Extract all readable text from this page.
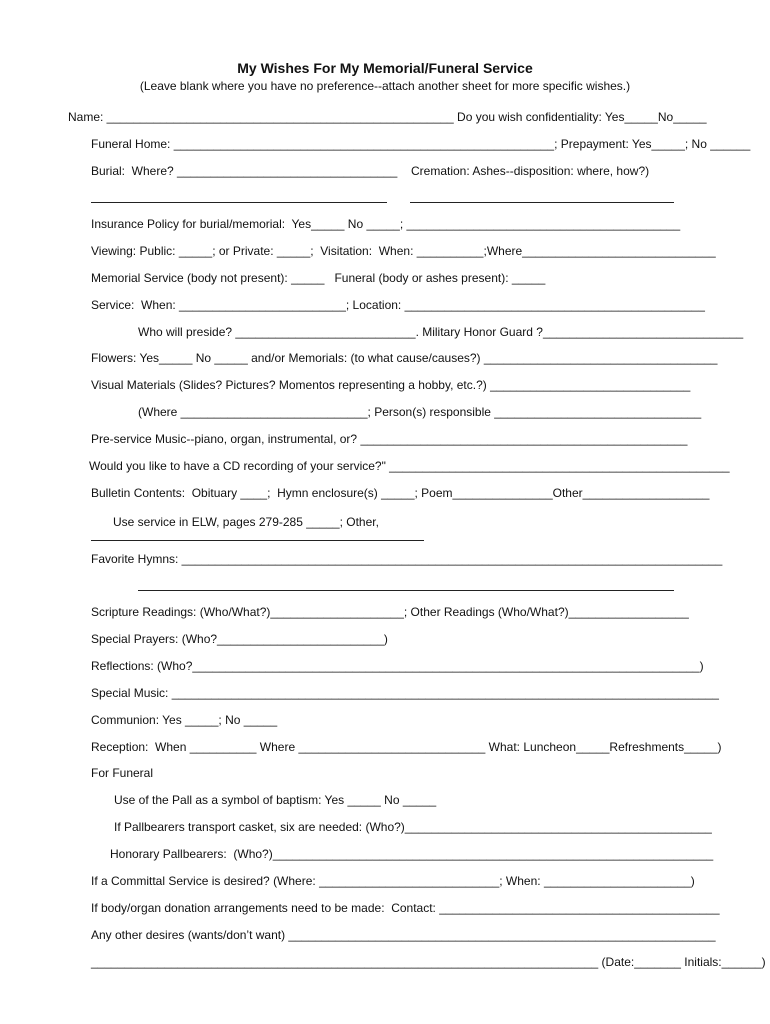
My Wishes For My Memorial/Funeral Service
(Leave blank where you have no preference--attach another sheet for more specific wishes.)
Name: ____________________________________________________ Do you wish confidentiality: Yes_____No_____
Funeral Home: _________________________________________________________; Prepayment: Yes_____; No ______
Burial:  Where? _________________________________ Cremation: Ashes--disposition: where, how?)
Insurance Policy for burial/memorial:  Yes_____ No _____; _________________________________________
Viewing: Public: _____; or Private: _____;  Visitation:  When: __________;Where_____________________________
Memorial Service (body not present): _____   Funeral (body or ashes present): _____
Service:  When: _________________________; Location: _____________________________________________
Who will preside? ___________________________. Military Honor Guard ?______________________________
Flowers: Yes_____ No _____ and/or Memorials: (to what cause/causes?) ___________________________________
Visual Materials (Slides? Pictures? Momentos representing a hobby, etc.?) ______________________________
(Where ____________________________; Person(s) responsible _______________________________
Pre-service Music--piano, organ, instrumental, or? _________________________________________________
Would you like to have a CD recording of your service?" ___________________________________________________
Bulletin Contents:  Obituary ____;  Hymn enclosure(s) _____; Poem_______________Other___________________
Use service in ELW, pages 279-285 _____; Other,
Favorite Hymns: _________________________________________________________________________________
Scripture Readings: (Who/What?)____________________; Other Readings (Who/What?)__________________
Special Prayers: (Who?_________________________)
Reflections: (Who?____________________________________________________________________________)
Special Music: __________________________________________________________________________________
Communion: Yes _____; No _____
Reception:  When __________ Where ____________________________ What: Luncheon_____Refreshments_____)
For Funeral
Use of the Pall as a symbol of baptism: Yes _____ No _____
If Pallbearers transport casket, six are needed: (Who?)______________________________________________
Honorary Pallbearers:  (Who?)__________________________________________________________________
If a Committal Service is desired? (Where: ___________________________; When: ______________________)
If body/organ donation arrangements need to be made:  Contact: __________________________________________
Any other desires (wants/don’t want) ________________________________________________________________
____________________________________________________________________________ (Date:_______ Initials:______)
